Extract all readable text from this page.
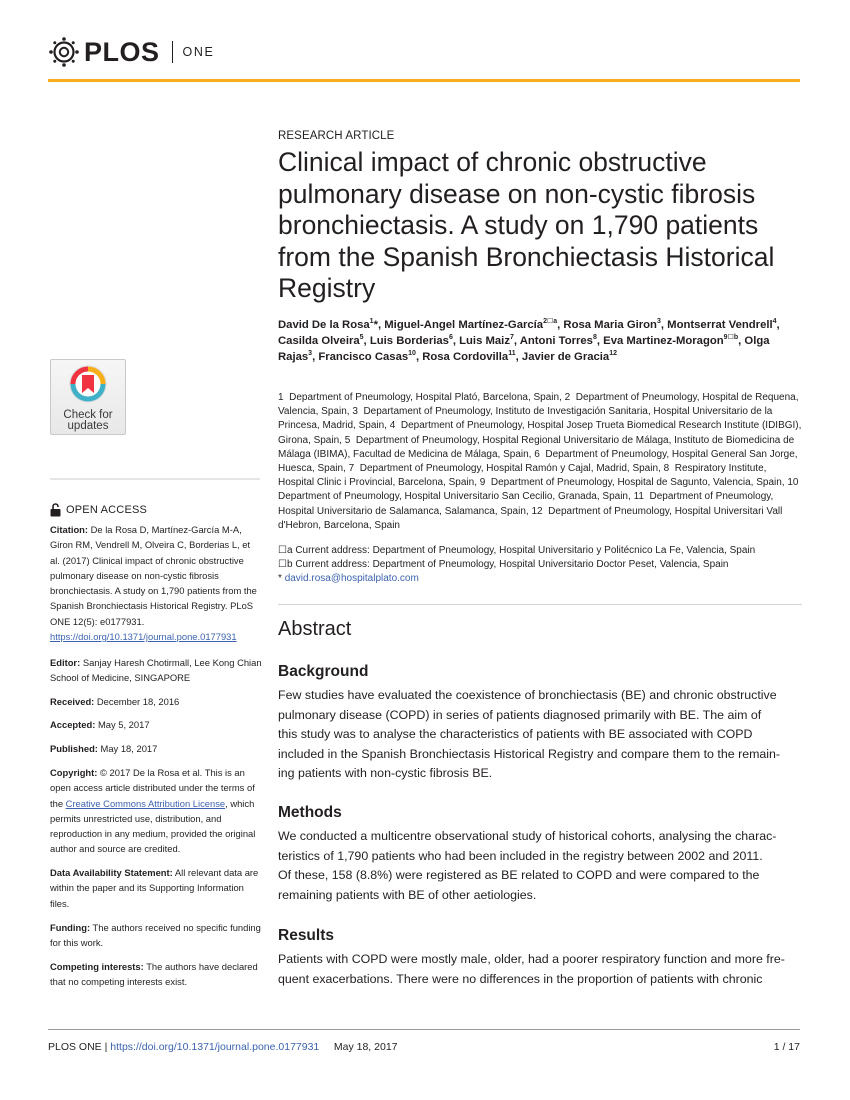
PLOS ONE
Check for updates
OPEN ACCESS
Citation: De la Rosa D, Martínez-García M-A, Giron RM, Vendrell M, Olveira C, Borderias L, et al. (2017) Clinical impact of chronic obstructive pulmonary disease on non-cystic fibrosis bronchiectasis. A study on 1,790 patients from the Spanish Bronchiectasis Historical Registry. PLoS ONE 12(5): e0177931. https://doi.org/10.1371/journal.pone.0177931
Editor: Sanjay Haresh Chotirmall, Lee Kong Chian School of Medicine, SINGAPORE
Received: December 18, 2016
Accepted: May 5, 2017
Published: May 18, 2017
Copyright: © 2017 De la Rosa et al. This is an open access article distributed under the terms of the Creative Commons Attribution License, which permits unrestricted use, distribution, and reproduction in any medium, provided the original author and source are credited.
Data Availability Statement: All relevant data are within the paper and its Supporting Information files.
Funding: The authors received no specific funding for this work.
Competing interests: The authors have declared that no competing interests exist.
RESEARCH ARTICLE
Clinical impact of chronic obstructive pulmonary disease on non-cystic fibrosis bronchiectasis. A study on 1,790 patients from the Spanish Bronchiectasis Historical Registry
David De la Rosa$^1$*, Miguel-Angel Martínez-García$^{2☐a}$, Rosa Maria Giron$^3$, Montserrat Vendrell$^4$, Casilda Olveira$^5$, Luis Borderias$^6$, Luis Maiz$^7$, Antoni Torres$^8$, Eva Martinez-Moragon$^{9☐b}$, Olga Rajas$^3$, Francisco Casas$^{10}$, Rosa Cordovilla$^{11}$, Javier de Gracia$^{12}$
1 Department of Pneumology, Hospital Plató, Barcelona, Spain, 2 Department of Pneumology, Hospital de Requena, Valencia, Spain, 3 Departament of Pneumology, Instituto de Investigación Sanitaria, Hospital Universitario de la Princesa, Madrid, Spain, 4 Department of Pneumology, Hospital Josep Trueta Biomedical Research Institute (IDIBGI), Girona, Spain, 5 Department of Pneumology, Hospital Regional Universitario de Málaga, Instituto de Biomedicina de Málaga (IBIMA), Facultad de Medicina de Málaga, Spain, 6 Department of Pneumology, Hospital General San Jorge, Huesca, Spain, 7 Department of Pneumology, Hospital Ramón y Cajal, Madrid, Spain, 8 Respiratory Institute, Hospital Clinic i Provincial, Barcelona, Spain, 9 Department of Pneumology, Hospital de Sagunto, Valencia, Spain, 10  Department of Pneumology, Hospital Universitario San Cecilio, Granada, Spain, 11 Department of Pneumology, Hospital Universitario de Salamanca, Salamanca, Spain, 12 Department of Pneumology, Hospital Universitari Vall d'Hebron, Barcelona, Spain
☐a Current address: Department of Pneumology, Hospital Universitario y Politécnico La Fe, Valencia, Spain
☐b Current address: Department of Pneumology, Hospital Universitario Doctor Peset, Valencia, Spain
* david.rosa@hospitalplato.com
Abstract
Background
Few studies have evaluated the coexistence of bronchiectasis (BE) and chronic obstructive
pulmonary disease (COPD) in series of patients diagnosed primarily with BE. The aim of
this study was to analyse the characteristics of patients with BE associated with COPD
included in the Spanish Bronchiectasis Historical Registry and compare them to the remain-
ing patients with non-cystic fibrosis BE.
Methods
We conducted a multicentre observational study of historical cohorts, analysing the charac-
teristics of 1,790 patients who had been included in the registry between 2002 and 2011.
Of these, 158 (8.8%) were registered as BE related to COPD and were compared to the
remaining patients with BE of other aetiologies.
Results
Patients with COPD were mostly male, older, had a poorer respiratory function and more fre-
quent exacerbations. There were no differences in the proportion of patients with chronic
PLOS ONE | https://doi.org/10.1371/journal.pone.0177931 May 18, 2017	1 / 17
